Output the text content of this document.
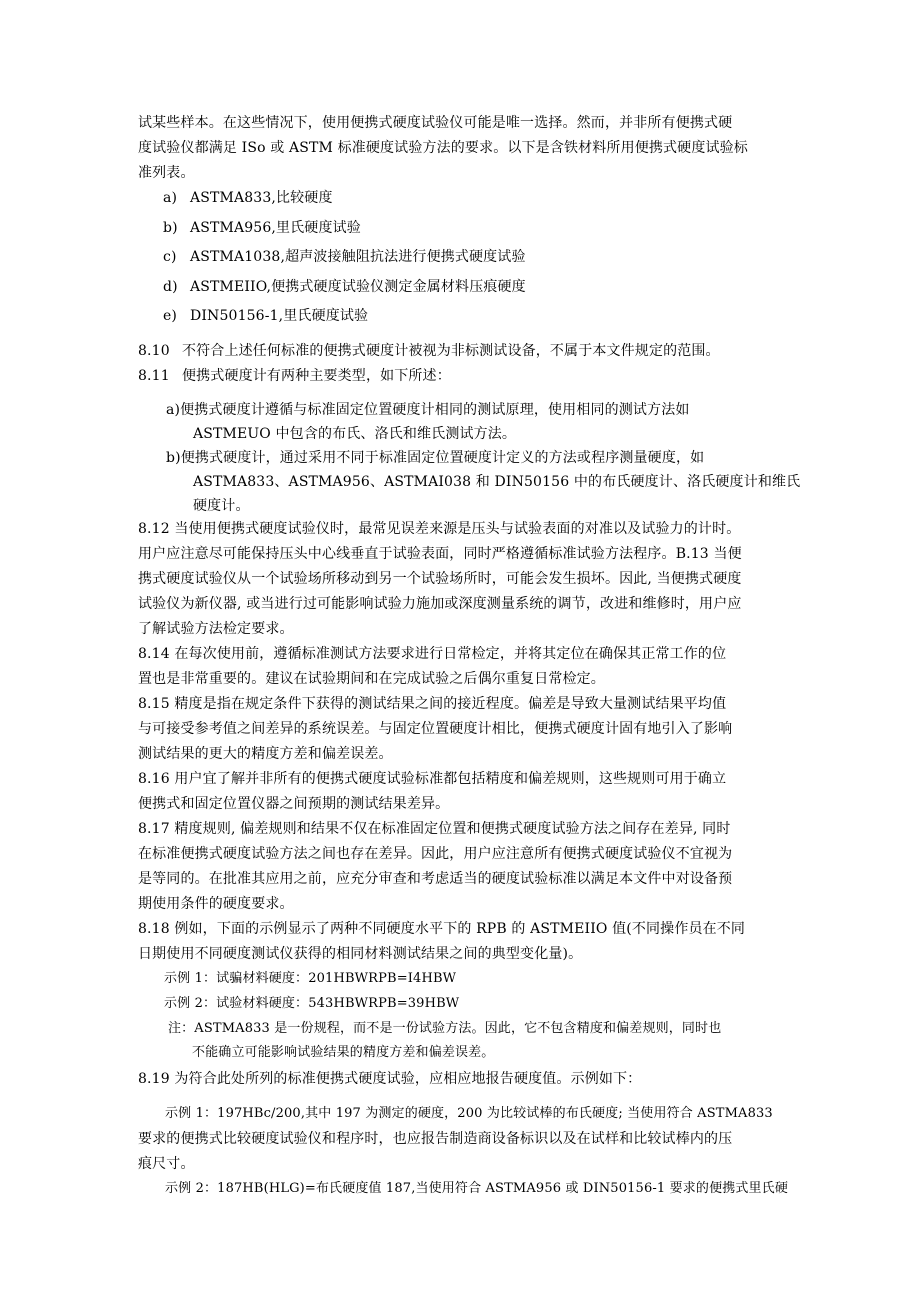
试某些样本。在这些情况下，使用便携式硬度试验仪可能是唯一选择。然而，并非所有便携式硬
度试验仪都满足 ISo 或 ASTM 标准硬度试验方法的要求。以下是含铁材料所用便携式硬度试验标
准列表。
a) ASTMA833,比较硬度
b) ASTMA956,里氏硬度试验
c) ASTMA1038,超声波接触阻抗法进行便携式硬度试验
d) ASTMEIIO,便携式硬度试验仪测定金属材料压痕硬度
e) DIN50156-1,里氏硬度试验
8.10 不符合上述任何标准的便携式硬度计被视为非标测试设备，不属于本文件规定的范围。
8.11 便携式硬度计有两种主要类型，如下所述：
a)便携式硬度计遵循与标准固定位置硬度计相同的测试原理，使用相同的测试方法如
ASTMEUO 中包含的布氏、洛氏和维氏测试方法。
b)便携式硬度计，通过采用不同于标准固定位置硬度计定义的方法或程序测量硬度，如
ASTMA833、ASTMA956、ASTMAI038 和 DIN50156 中的布氏硬度计、洛氏硬度计和维氏
硬度计。
8.12 当使用便携式硬度试验仪时，最常见误差来源是压头与试验表面的对准以及试验力的计时。
用户应注意尽可能保持压头中心线垂直于试验表面，同时严格遵循标准试验方法程序。B.13 当便
携式硬度试验仪从一个试验场所移动到另一个试验场所时，可能会发生损坏。因此, 当便携式硬度
试验仪为新仪器, 或当进行过可能影响试验力施加或深度测量系统的调节，改进和维修时，用户应
了解试验方法检定要求。
8.14 在每次使用前，遵循标准测试方法要求进行日常检定，并将其定位在确保其正常工作的位
置也是非常重要的。建议在试验期间和在完成试验之后偶尔重复日常检定。
8.15 精度是指在规定条件下获得的测试结果之间的接近程度。偏差是导致大量测试结果平均值
与可接受参考值之间差异的系统误差。与固定位置硬度计相比，便携式硬度计固有地引入了影响
测试结果的更大的精度方差和偏差误差。
8.16 用户宜了解并非所有的便携式硬度试验标准都包括精度和偏差规则，这些规则可用于确立
便携式和固定位置仪器之间预期的测试结果差异。
8.17 精度规则, 偏差规则和结果不仅在标准固定位置和便携式硬度试验方法之间存在差异, 同时
在标准便携式硬度试验方法之间也存在差异。因此，用户应注意所有便携式硬度试验仪不宜视为
是等同的。在批准其应用之前，应充分审查和考虑适当的硬度试验标准以满足本文件中对设备预
期使用条件的硬度要求。
8.18 例如，下面的示例显示了两种不同硬度水平下的 RPB 的 ASTMEIIO 值(不同操作员在不同
日期使用不同硬度测试仪获得的相同材料测试结果之间的典型变化量)。
示例 1：试骗材料硬度：201HBWRPB=I4HBW
示例 2：试验材料硬度：543HBWRPB=39HBW
注：ASTMA833 是一份规程，而不是一份试验方法。因此，它不包含精度和偏差规则，同时也
不能确立可能影响试验结果的精度方差和偏差误差。
8.19 为符合此处所列的标准便携式硬度试验，应相应地报告硬度值。示例如下：
示例 1：197HBc/200,其中 197 为测定的硬度，200 为比较试棒的布氏硬度; 当使用符合 ASTMA833
要求的便携式比较硬度试验仪和程序时，也应报告制造商设备标识以及在试样和比较试棒内的压
痕尺寸。
示例 2：187HB(HLG)=布氏硬度值 187,当使用符合 ASTMA956 或 DIN50156-1 要求的便携式里氏硬
